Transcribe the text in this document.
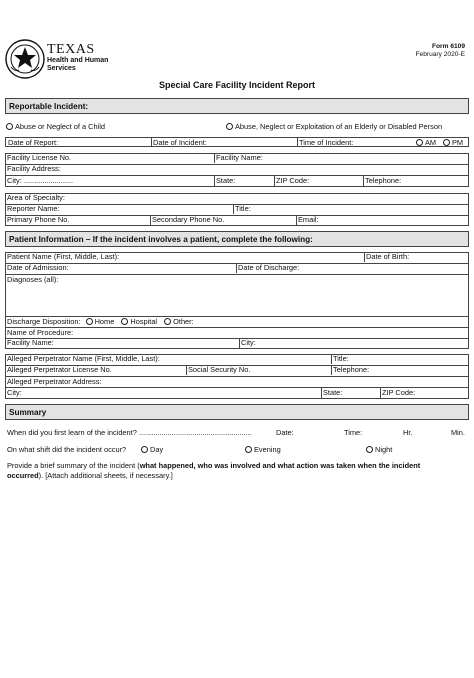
TEXAS
Health and Human
Services
Form 6109
February 2020-E
Special Care Facility Incident Report
Reportable Incident:
Abuse or Neglect of a Child	Abuse, Neglect or Exploitation of an Elderly or Disabled Person
Date of Report:	Date of Incident:	Time of Incident:	AM	PM
Facility License No.	Facility Name:
Facility Address:
City: ........................	State:	ZIP Code:	Telephone:
Area of Specialty:
Reporter Name:	Title:
Primary Phone No.	Secondary Phone No.	Email:
Patient Information – If the incident involves a patient, complete the following:
Patient Name (First, Middle, Last):	Date of Birth:
Date of Admission:	Date of Discharge:
Diagnoses (all):
Discharge Disposition: Home Hospital Other:
Name of Procedure:
Facility Name:	City:
Alleged Perpetrator Name (First, Middle, Last):	Title:
Alleged Perpetrator License No.	Social Security No.	Telephone:
Alleged Perpetrator Address:
City:	State:	ZIP Code:
Summary
When did you first learn of the incident? .......................................................	Date:	Time:	Hr.	Min.
On what shift did the incident occur?	Day	Evening	Night
Provide a brief summary of the incident (what happened, who was involved and what action was taken when the incident
occurred). [Attach additional sheets, if necessary.]
